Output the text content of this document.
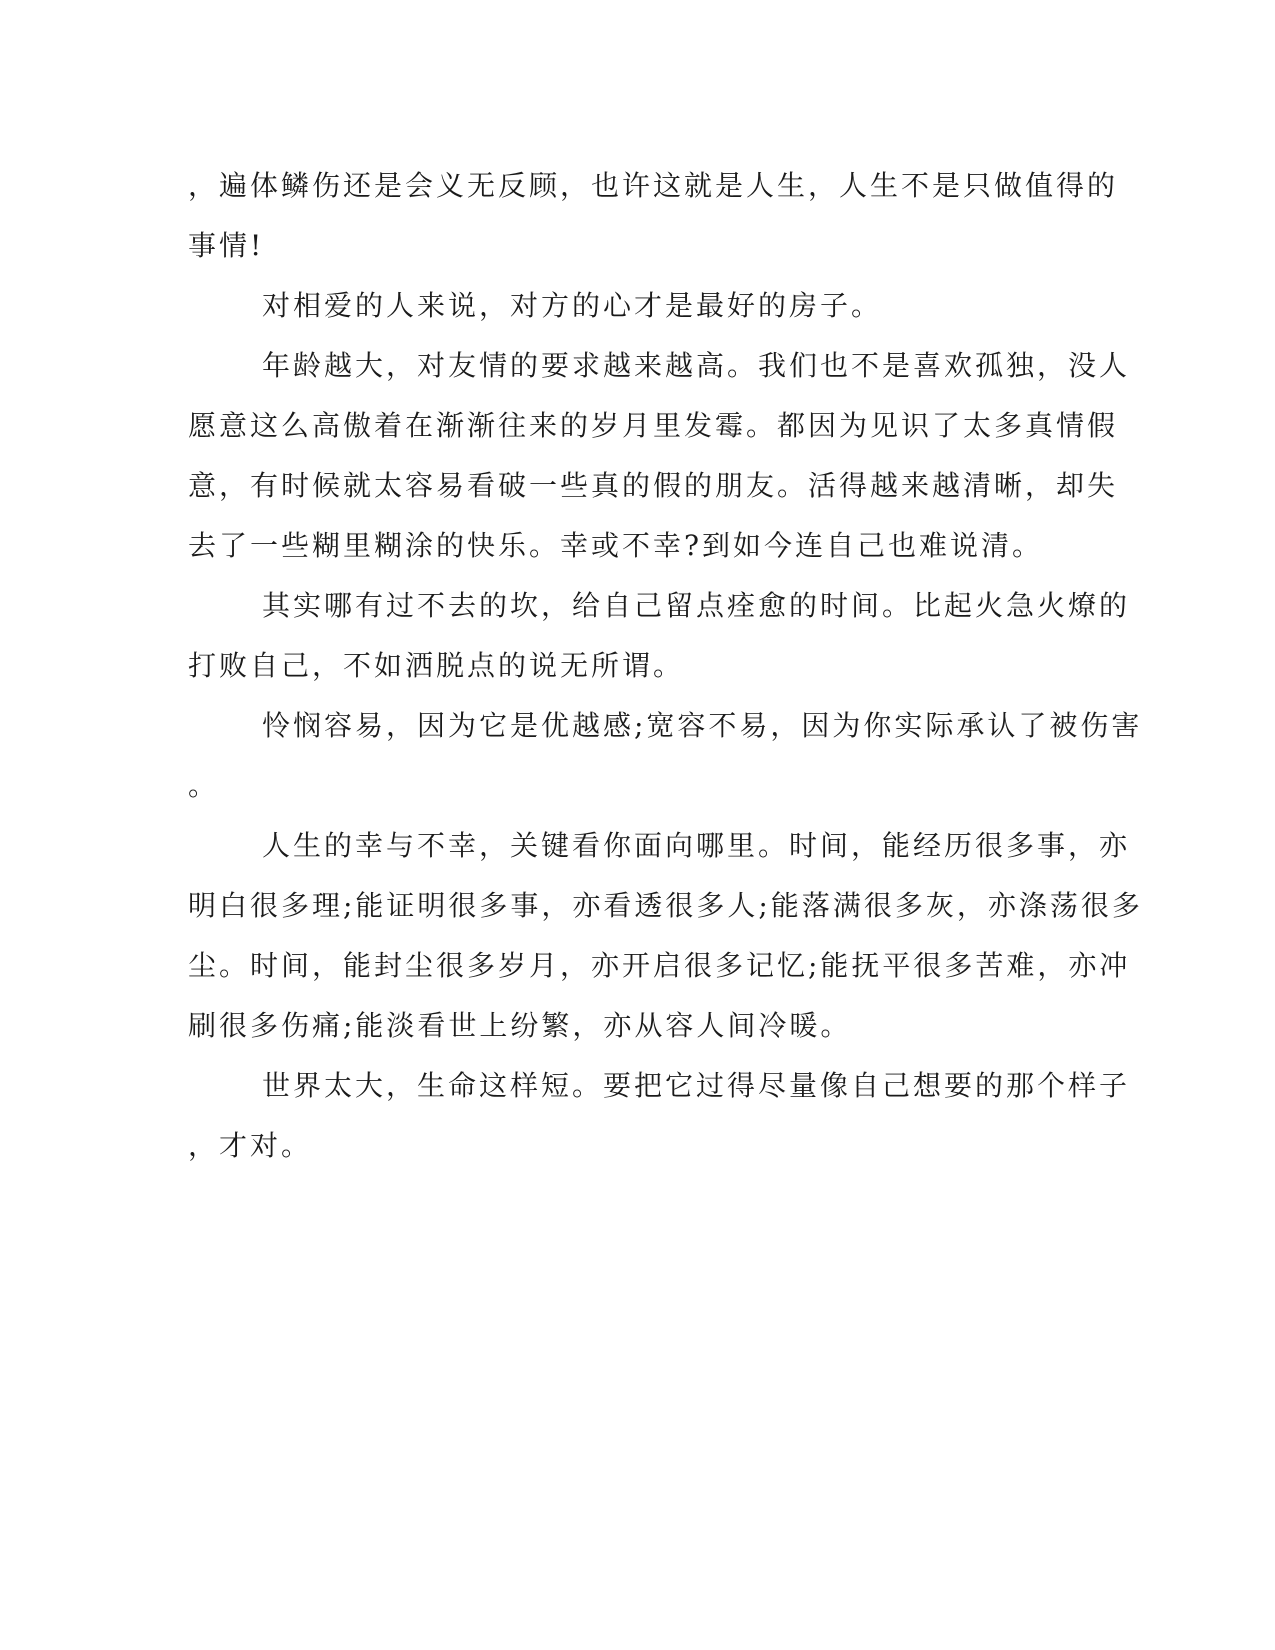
，遍体鳞伤还是会义无反顾，也许这就是人生，人生不是只做值得的
事情!
对相爱的人来说，对方的心才是最好的房子。
年龄越大，对友情的要求越来越高。我们也不是喜欢孤独，没人
愿意这么高傲着在渐渐往来的岁月里发霉。都因为见识了太多真情假
意，有时候就太容易看破一些真的假的朋友。活得越来越清晰，却失
去了一些糊里糊涂的快乐。幸或不幸?到如今连自己也难说清。
其实哪有过不去的坎，给自己留点痊愈的时间。比起火急火燎的
打败自己，不如洒脱点的说无所谓。
怜悯容易，因为它是优越感;宽容不易，因为你实际承认了被伤害
。
人生的幸与不幸，关键看你面向哪里。时间，能经历很多事，亦
明白很多理;能证明很多事，亦看透很多人;能落满很多灰，亦涤荡很多
尘。时间，能封尘很多岁月，亦开启很多记忆;能抚平很多苦难，亦冲
刷很多伤痛;能淡看世上纷繁，亦从容人间冷暖。
世界太大，生命这样短。要把它过得尽量像自己想要的那个样子
，才对。
